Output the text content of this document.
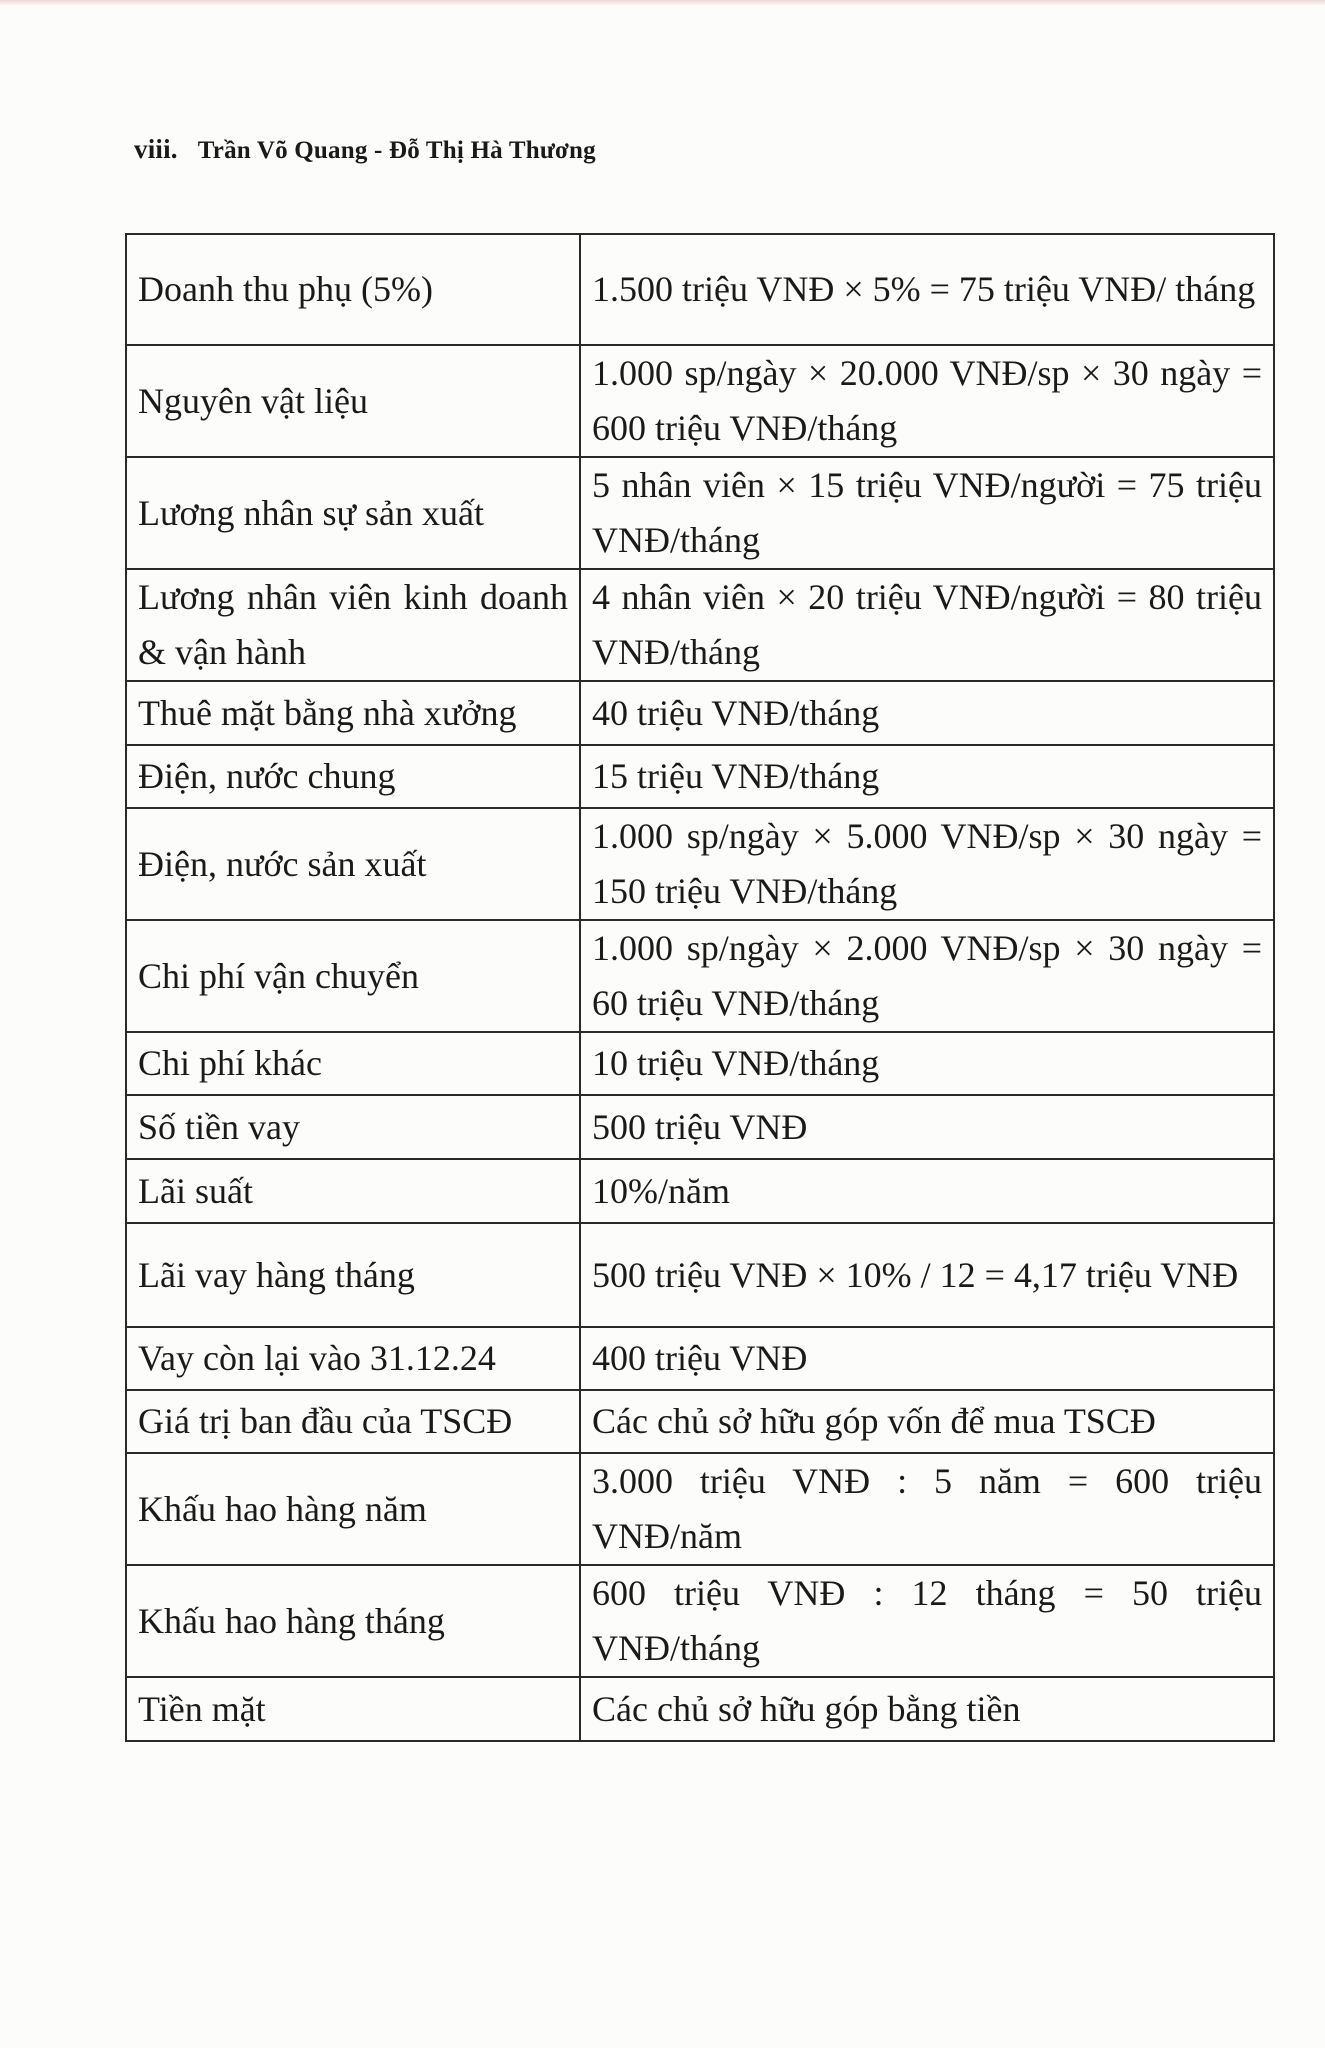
viii. Trần Võ Quang - Đỗ Thị Hà Thương
Doanh thu phụ (5%)	1.500 triệu VNĐ × 5% = 75 triệu VNĐ/ tháng
Nguyên vật liệu	1.000 sp/ngày × 20.000 VNĐ/sp × 30 ngày = 600 triệu VNĐ/tháng
Lương nhân sự sản xuất	5 nhân viên × 15 triệu VNĐ/người = 75 triệu VNĐ/tháng
Lương nhân viên kinh doanh & vận hành	4 nhân viên × 20 triệu VNĐ/người = 80 triệu VNĐ/tháng
Thuê mặt bằng nhà xưởng	40 triệu VNĐ/tháng
Điện, nước chung	15 triệu VNĐ/tháng
Điện, nước sản xuất	1.000 sp/ngày × 5.000 VNĐ/sp × 30 ngày = 150 triệu VNĐ/tháng
Chi phí vận chuyển	1.000 sp/ngày × 2.000 VNĐ/sp × 30 ngày = 60 triệu VNĐ/tháng
Chi phí khác	10 triệu VNĐ/tháng
Số tiền vay	500 triệu VNĐ
Lãi suất	10%/năm
Lãi vay hàng tháng	500 triệu VNĐ × 10% / 12 = 4,17 triệu VNĐ
Vay còn lại vào 31.12.24	400 triệu VNĐ
Giá trị ban đầu của TSCĐ	Các chủ sở hữu góp vốn để mua TSCĐ
Khấu hao hàng năm	3.000 triệu VNĐ : 5 năm = 600 triệu VNĐ/năm
Khấu hao hàng tháng	600 triệu VNĐ : 12 tháng = 50 triệu VNĐ/tháng
Tiền mặt	Các chủ sở hữu góp bằng tiền
